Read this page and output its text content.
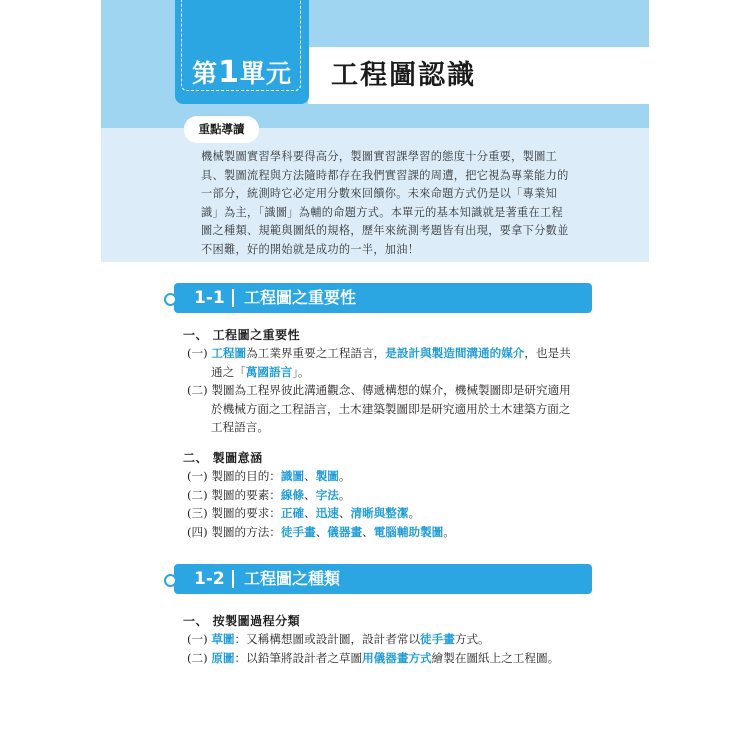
第1單元	工程圖認識
重點導讀
機械製圖實習學科要得高分，製圖實習課學習的態度十分重要，製圖工
具、製圖流程與方法隨時都存在我們實習課的周遭，把它視為專業能力的
一部分，統測時它必定用分數來回饋你。未來命題方式仍是以「專業知
識」為主，「識圖」為輔的命題方式。本單元的基本知識就是著重在工程
圖之種類、規範與圖紙的規格，歷年來統測考題皆有出現，要拿下分數並
不困難，好的開始就是成功的一半，加油！
1-1 工程圖之重要性
一、 工程圖之重要性
(一) 工程圖為工業界重要之工程語言，是設計與製造間溝通的媒介，也是共
通之「萬國語言」。
(二) 製圖為工程界彼此溝通觀念、傳遞構想的媒介，機械製圖即是研究適用
於機械方面之工程語言，土木建築製圖即是研究適用於土木建築方面之
工程語言。
二、 製圖意涵
(一) 製圖的目的：識圖、製圖。
(二) 製圖的要素：線條、字法。
(三) 製圖的要求：正確、迅速、清晰與整潔。
(四) 製圖的方法：徒手畫、儀器畫、電腦輔助製圖。
1-2 工程圖之種類
一、 按製圖過程分類
(一) 草圖：又稱構想圖或設計圖，設計者常以徒手畫方式。
(二) 原圖：以鉛筆將設計者之草圖用儀器畫方式繪製在圖紙上之工程圖。
